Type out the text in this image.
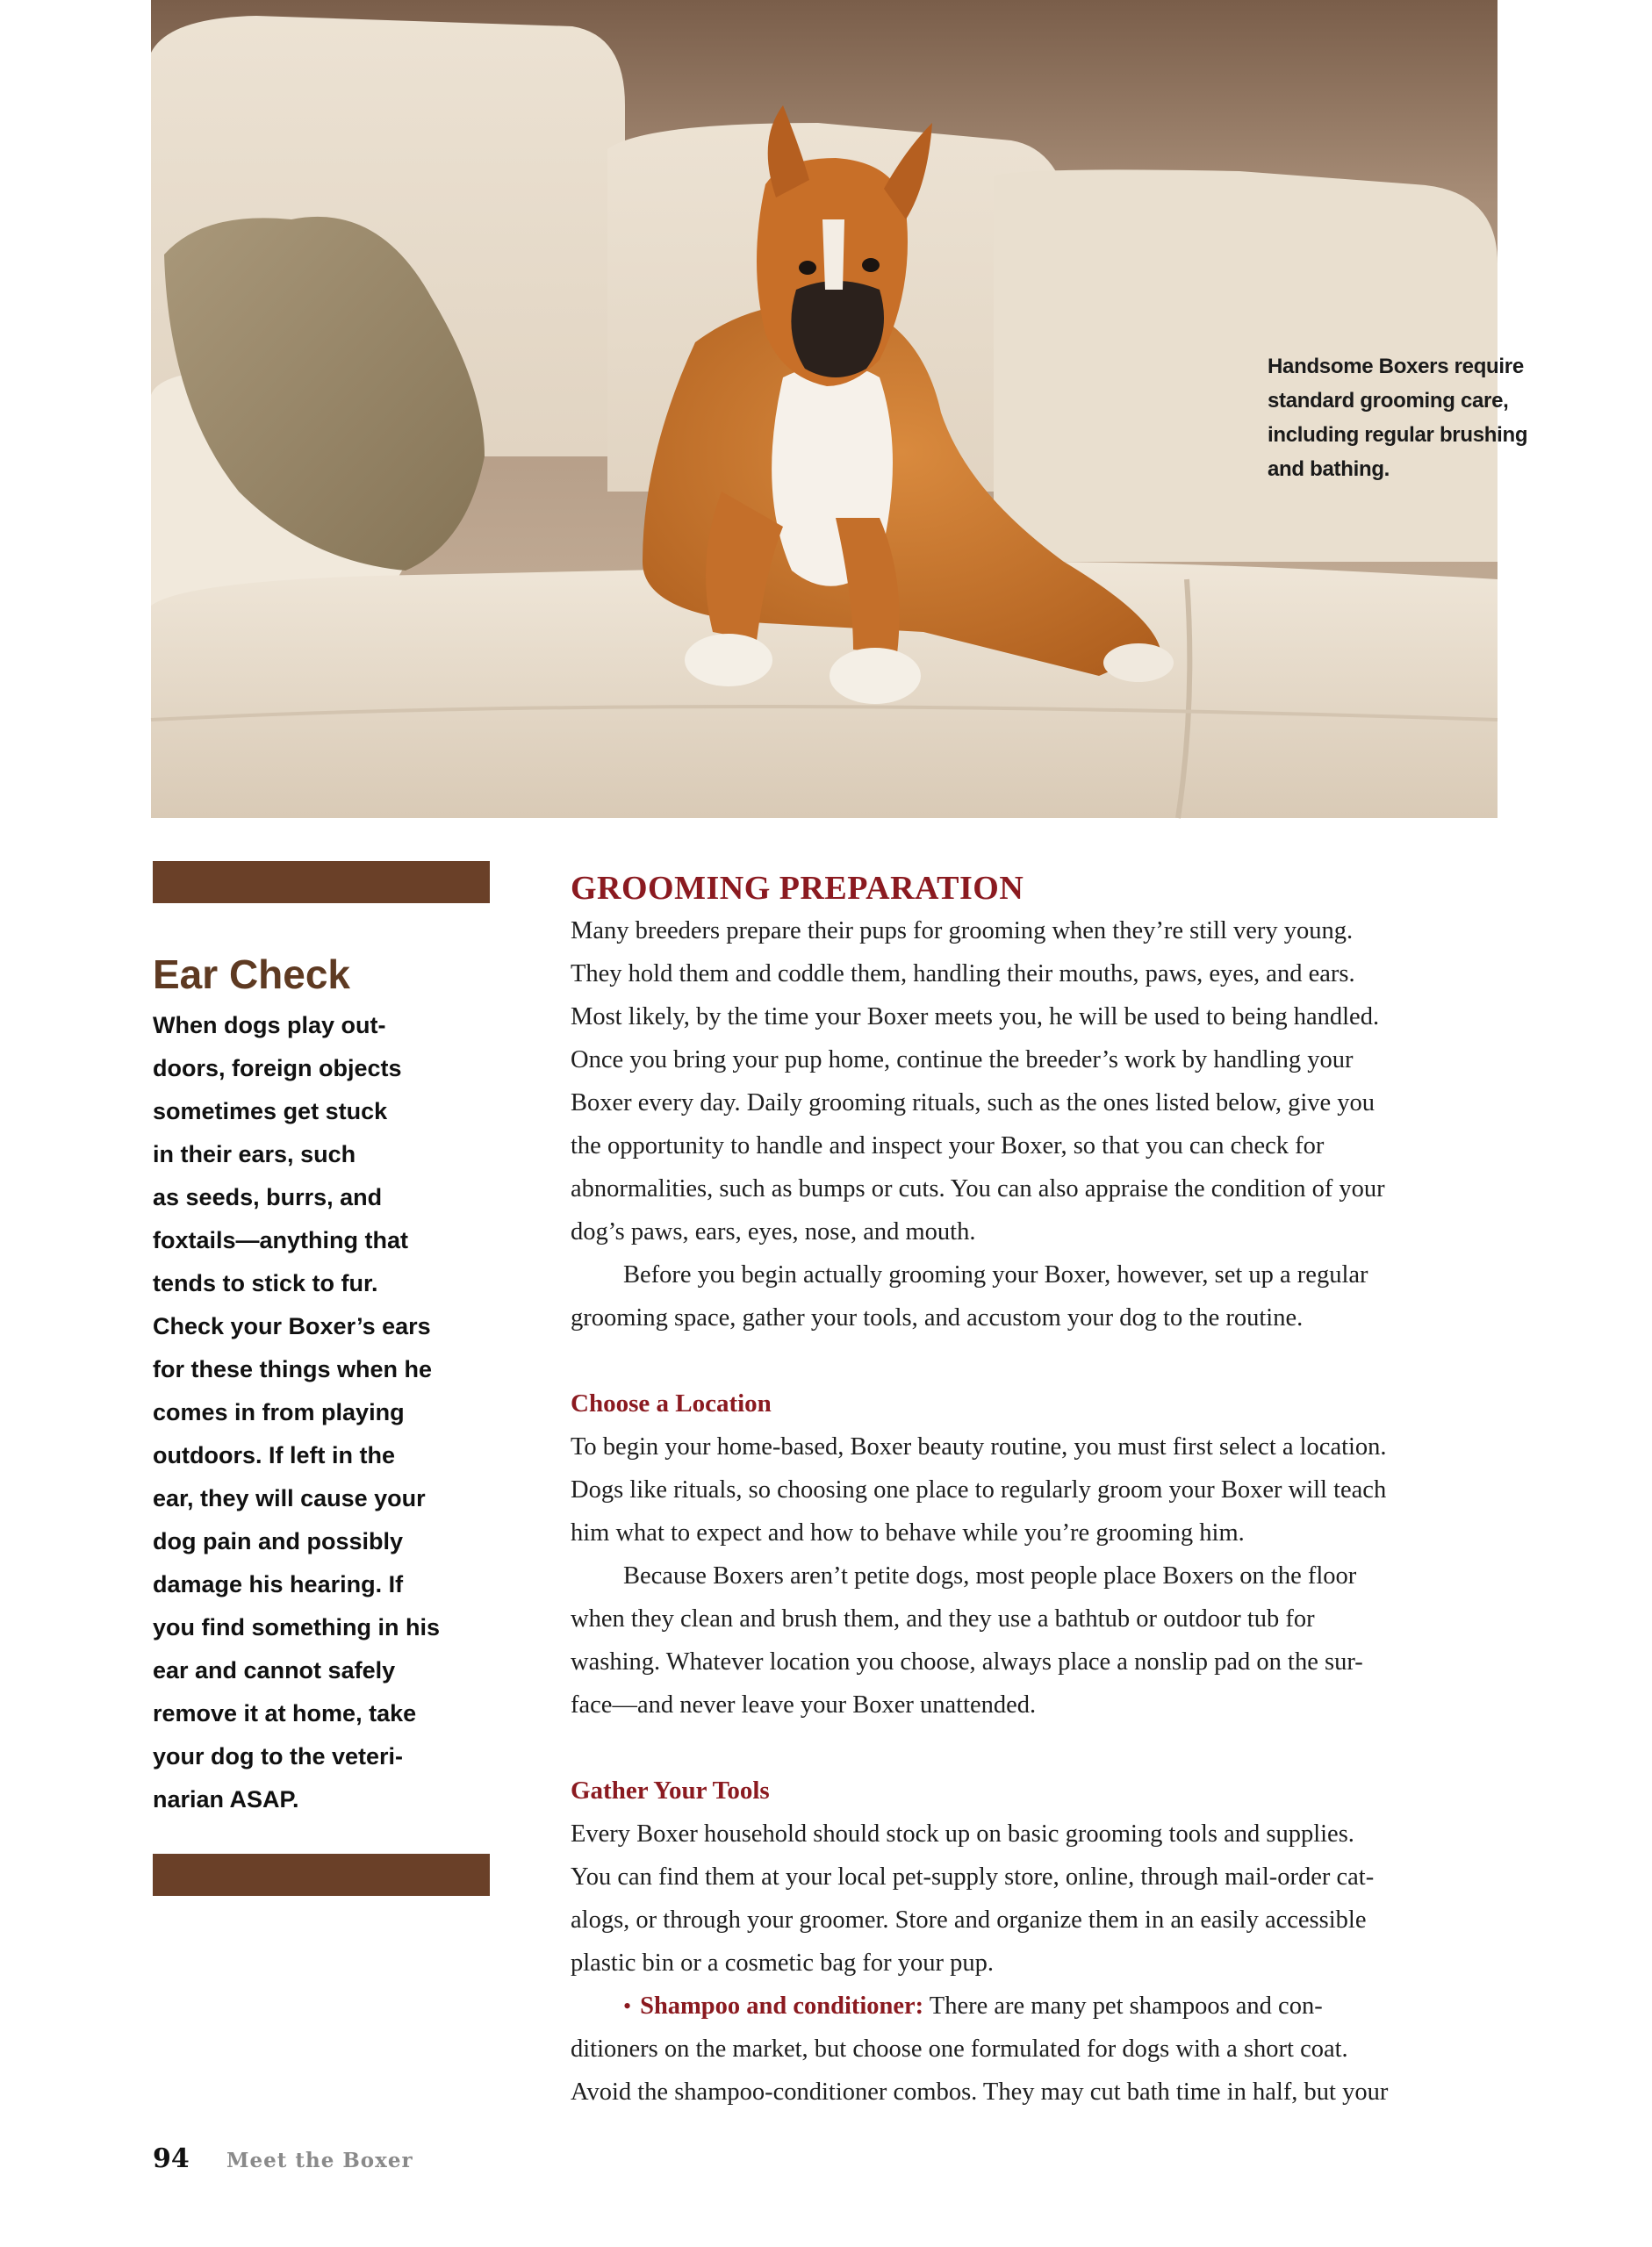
Handsome Boxers require
standard grooming care,
including regular brushing
and bathing.
Ear Check

When dogs play out-
doors, foreign objects
sometimes get stuck
in their ears, such
as seeds, burrs, and
foxtails—anything that
tends to stick to fur.
Check your Boxer’s ears
for these things when he
comes in from playing
outdoors. If left in the
ear, they will cause your
dog pain and possibly
damage his hearing. If
you find something in his
ear and cannot safely
remove it at home, take
your dog to the veteri-
narian ASAP.

GROOMING PREPARATION

Many breeders prepare their pups for grooming when they’re still very young.
They hold them and coddle them, handling their mouths, paws, eyes, and ears.
Most likely, by the time your Boxer meets you, he will be used to being handled.
Once you bring your pup home, continue the breeder’s work by handling your
Boxer every day. Daily grooming rituals, such as the ones listed below, give you
the opportunity to handle and inspect your Boxer, so that you can check for
abnormalities, such as bumps or cuts. You can also appraise the condition of your
dog’s paws, ears, eyes, nose, and mouth.
Before you begin actually grooming your Boxer, however, set up a regular
grooming space, gather your tools, and accustom your dog to the routine.

Choose a Location

To begin your home-based, Boxer beauty routine, you must first select a location.
Dogs like rituals, so choosing one place to regularly groom your Boxer will teach
him what to expect and how to behave while you’re grooming him.
Because Boxers aren’t petite dogs, most people place Boxers on the floor
when they clean and brush them, and they use a bathtub or outdoor tub for
washing. Whatever location you choose, always place a nonslip pad on the sur-
face—and never leave your Boxer unattended.

Gather Your Tools

Every Boxer household should stock up on basic grooming tools and supplies.
You can find them at your local pet-supply store, online, through mail-order cat-
alogs, or through your groomer. Store and organize them in an easily accessible
plastic bin or a cosmetic bag for your pup.
• Shampoo and conditioner: There are many pet shampoos and con-
ditioners on the market, but choose one formulated for dogs with a short coat.
Avoid the shampoo-conditioner combos. They may cut bath time in half, but your

94 Meet the Boxer
